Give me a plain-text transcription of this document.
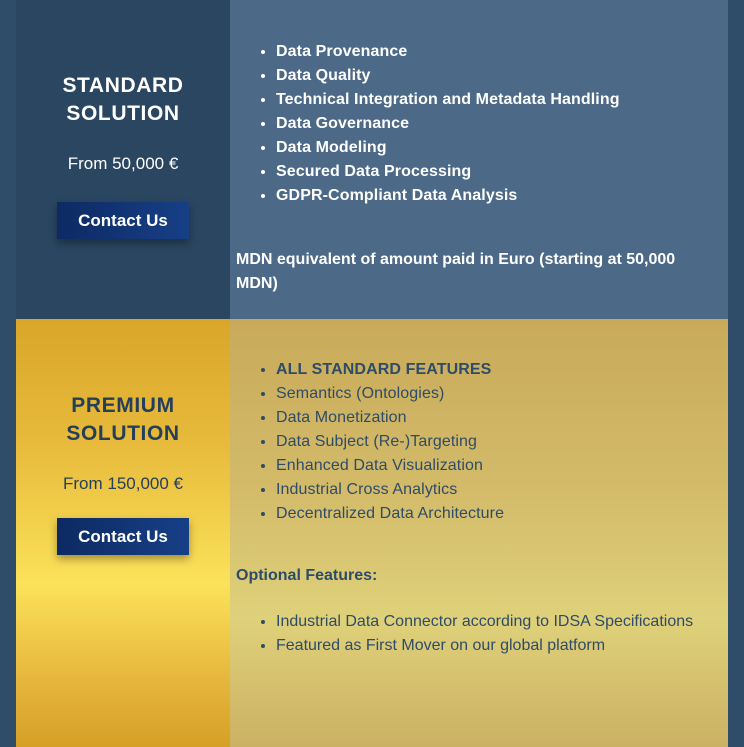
STANDARD
SOLUTION
From 50,000 €
Contact Us
• Data Provenance
• Data Quality
• Technical Integration and Metadata Handling
• Data Governance
• Data Modeling
• Secured Data Processing
• GDPR-Compliant Data Analysis
MDN equivalent of amount paid in Euro (starting at 50,000 MDN)
PREMIUM
SOLUTION
From 150,000 €
Contact Us
• ALL STANDARD FEATURES
• Semantics (Ontologies)
• Data Monetization
• Data Subject (Re-)Targeting
• Enhanced Data Visualization
• Industrial Cross Analytics
• Decentralized Data Architecture
Optional Features:
• Industrial Data Connector according to IDSA Specifications
• Featured as First Mover on our global platform
